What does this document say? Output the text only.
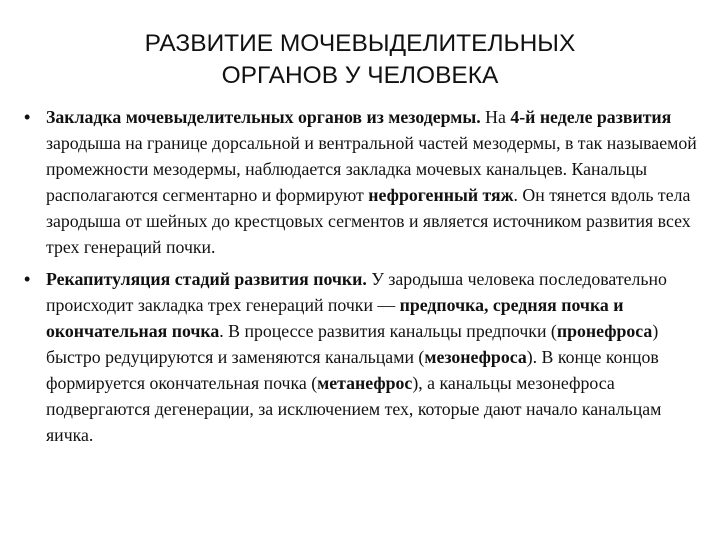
РАЗВИТИЕ МОЧЕВЫДЕЛИТЕЛЬНЫХ
ОРГАНОВ У ЧЕЛОВЕКА
• Закладка мочевыделительных органов из мезодермы. На 4-й неделе развития зародыша на границе дорсальной и вентральной частей мезодермы, в так называемой промежности мезодермы, наблюдается закладка мочевых канальцев. Канальцы располагаются сегментарно и формируют нефрогенный тяж. Он тянется вдоль тела зародыша от шейных до крестцовых сегментов и является источником развития всех трех генераций почки.

• Рекапитуляция стадий развития почки. У зародыша человека последовательно происходит закладка трех генераций почки — предпочка, средняя почка и окончательная почка. В процессе развития канальцы предпочки (пронефроса) быстро редуцируются и заменяются канальцами (мезонефроса). В конце концов формируется окончательная почка (метанефрос), а канальцы мезонефроса подвергаются дегенерации, за исключением тех, которые дают начало канальцам яичка.
